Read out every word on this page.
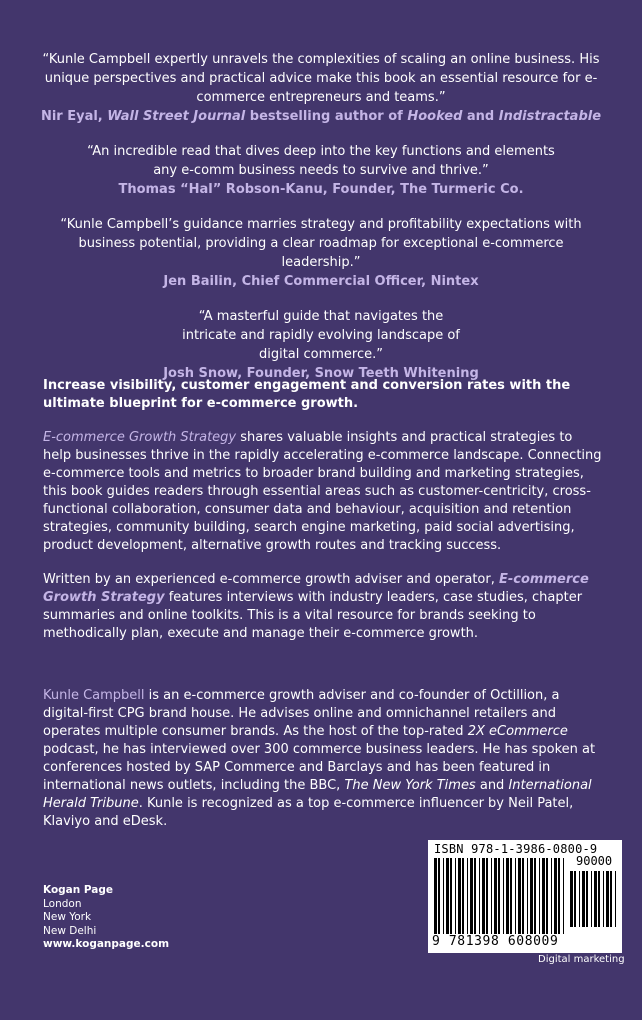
“Kunle Campbell expertly unravels the complexities of scaling an online business. His unique perspectives and practical advice make this book an essential resource for e-commerce entrepreneurs and teams.”
Nir Eyal, Wall Street Journal bestselling author of Hooked and Indistractable
“An incredible read that dives deep into the key functions and elements any e-comm business needs to survive and thrive.”
Thomas “Hal” Robson-Kanu, Founder, The Turmeric Co.
“Kunle Campbell’s guidance marries strategy and profitability expectations with business potential, providing a clear roadmap for exceptional e-commerce leadership.”
Jen Bailin, Chief Commercial Officer, Nintex
“A masterful guide that navigates the intricate and rapidly evolving landscape of digital commerce.”
Josh Snow, Founder, Snow Teeth Whitening

Increase visibility, customer engagement and conversion rates with the ultimate blueprint for e-commerce growth.

E-commerce Growth Strategy shares valuable insights and practical strategies to help businesses thrive in the rapidly accelerating e-commerce landscape. Connecting e-commerce tools and metrics to broader brand building and marketing strategies, this book guides readers through essential areas such as customer-centricity, cross-functional collaboration, consumer data and behaviour, acquisition and retention strategies, community building, search engine marketing, paid social advertising, product development, alternative growth routes and tracking success.

Written by an experienced e-commerce growth adviser and operator, E-commerce Growth Strategy features interviews with industry leaders, case studies, chapter summaries and online toolkits. This is a vital resource for brands seeking to methodically plan, execute and manage their e-commerce growth.

Kunle Campbell is an e-commerce growth adviser and co-founder of Octillion, a digital-first CPG brand house. He advises online and omnichannel retailers and operates multiple consumer brands. As the host of the top-rated 2X eCommerce podcast, he has interviewed over 300 commerce business leaders. He has spoken at conferences hosted by SAP Commerce and Barclays and has been featured in international news outlets, including the BBC, The New York Times and International Herald Tribune. Kunle is recognized as a top e-commerce influencer by Neil Patel, Klaviyo and eDesk.

Kogan Page
London
New York
New Delhi
www.koganpage.com
ISBN 978-1-3986-0800-9
90000
9 781398 608009
Digital marketing
